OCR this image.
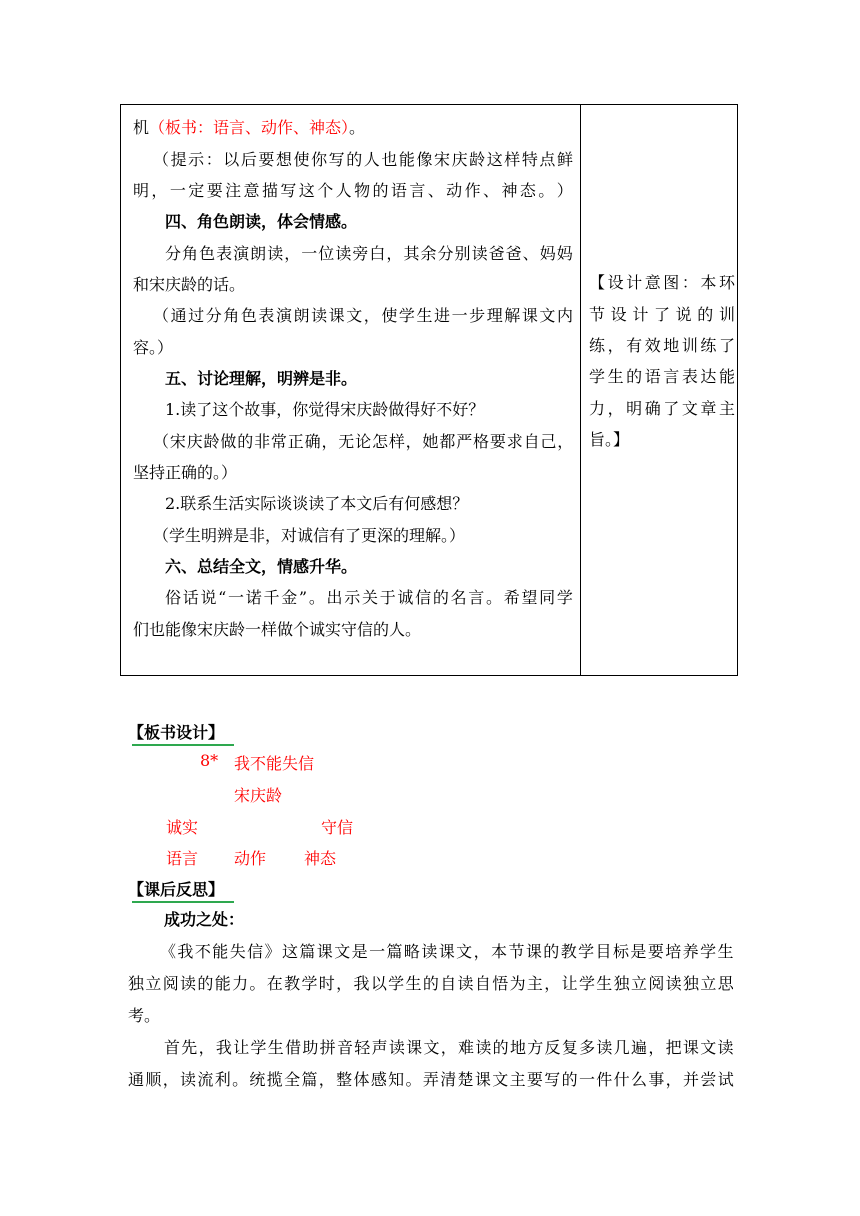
机（板书：语言、动作、神态）。
（ 提 示 ： 以 后 要 想 使 你 写 的 人 也 能 像 宋 庆 龄 这 样 特 点 鲜
明 ， 一 定 要 注 意 描 写 这 个 人 物 的 语 言 、 动 作 、 神 态 。 ）
四、角色朗读，体会情感。
分 角 色 表 演 朗 读 ， 一 位 读 旁 白 ， 其 余 分 别 读 爸 爸 、 妈 妈
和宋庆龄的话。
（ 通 过 分 角 色 表 演 朗 读 课 文 ， 使 学 生 进 一 步 理 解 课 文 内
容。）
五、讨论理解，明辨是非。
1.读了这个故事，你觉得宋庆龄做得好不好？
（ 宋 庆 龄 做 的 非 常 正 确 ， 无 论 怎 样 ， 她 都 严 格 要 求 自 己 ，
坚持正确的。）
2.联系生活实际谈谈读了本文后有何感想？
（学生明辨是非，对诚信有了更深的理解。）
六、总结全文，情感升华。
俗 话 说 “ 一 诺 千 金 ” 。 出 示 关 于 诚 信 的 名 言 。 希 望 同 学
们也能像宋庆龄一样做个诚实守信的人。
【 设 计 意 图 ： 本 环
节 设 计 了 说 的 训
练 ， 有 效 地 训 练 了
学 生 的 语 言 表 达 能
力 ， 明 确 了 文 章 主
旨。】
【板书设计】
8* 我不能失信
宋庆龄
诚实	守信
语言 动作 神态
【课后反思】
成功之处：
《 我 不 能 失 信 》 这 篇 课 文 是 一 篇 略 读 课 文 ， 本 节 课 的 教 学 目 标 是 要 培 养 学 生
独 立 阅 读 的 能 力 。 在 教 学 时 ， 我 以 学 生 的 自 读 自 悟 为 主 ， 让 学 生 独 立 阅 读 独 立 思
考。
首 先 ， 我 让 学 生 借 助 拼 音 轻 声 读 课 文 ， 难 读 的 地 方 反 复 多 读 几 遍 ， 把 课 文 读
通 顺 ， 读 流 利 。 统 揽 全 篇 ， 整 体 感 知 。 弄 清 楚 课 文 主 要 写 的 一 件 什 么 事 ， 并 尝 试
